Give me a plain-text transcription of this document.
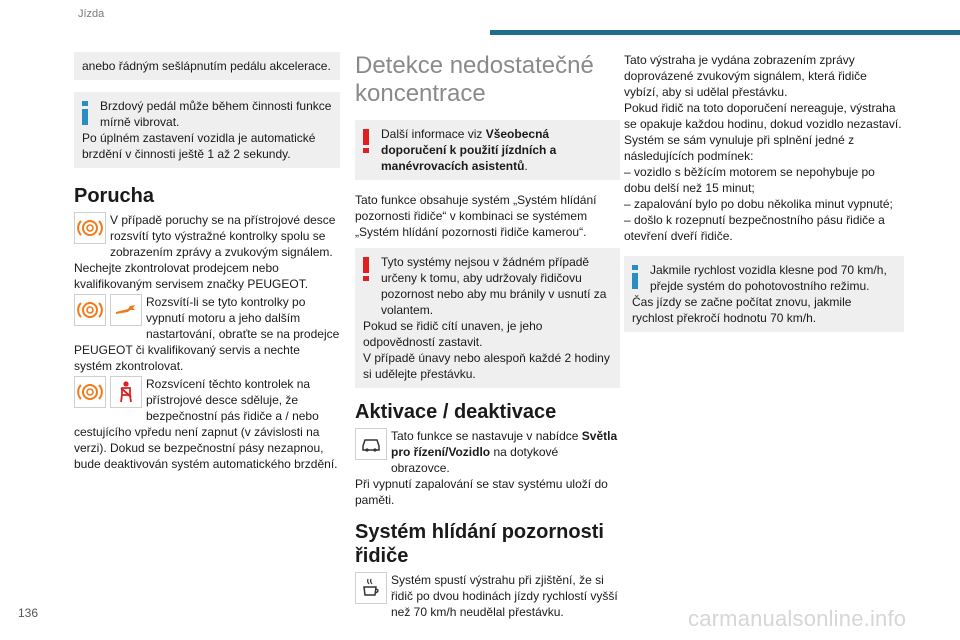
Jízda

anebo řádným sešlápnutím pedálu akcelerace.

Brzdový pedál může během činnosti funkce mírně vibrovat.

Po úplném zastavení vozidla je automatické brzdění v činnosti ještě 1 až 2 sekundy.

Porucha

V případě poruchy se na přístrojové desce rozsvítí tyto výstražné kontrolky spolu se zobrazením zprávy a zvukovým signálem.

Nechejte zkontrolovat prodejcem nebo kvalifikovaným servisem značky PEUGEOT.

Rozsvítí-li se tyto kontrolky po vypnutí motoru a jeho dalším nastartování, obraťte se na prodejce PEUGEOT či kvalifikovaný servis a nechte systém zkontrolovat.

Rozsvícení těchto kontrolek na přístrojové desce sděluje, že bezpečnostní pás řidiče a / nebo cestujícího vpředu není zapnut (v závislosti na verzi). Dokud se bezpečnostní pásy nezapnou, bude deaktivován systém automatického brzdění.

Detekce nedostatečné koncentrace

Další informace viz Všeobecná doporučení k použití jízdních a manévrovacích asistentů.

Tato funkce obsahuje systém „Systém hlídání pozornosti řidiče“ v kombinaci se systémem „Systém hlídání pozornosti řidiče kamerou“.

Tyto systémy nejsou v žádném případě určeny k tomu, aby udržovaly řidičovu pozornost nebo aby mu bránily v usnutí za volantem.

Pokud se řidič cítí unaven, je jeho odpovědností zastavit.

V případě únavy nebo alespoň každé 2 hodiny si udělejte přestávku.

Aktivace / deaktivace

Tato funkce se nastavuje v nabídce Světla pro řízení/Vozidlo na dotykové obrazovce.

Při vypnutí zapalování se stav systému uloží do paměti.

Systém hlídání pozornosti řidiče

Systém spustí výstrahu při zjištění, že si řidič po dvou hodinách jízdy rychlostí vyšší než 70 km/h neudělal přestávku.

Tato výstraha je vydána zobrazením zprávy doprovázené zvukovým signálem, která řidiče vybízí, aby si udělal přestávku.

Pokud řidič na toto doporučení nereaguje, výstraha se opakuje každou hodinu, dokud vozidlo nezastaví.

Systém se sám vynuluje při splnění jedné z následujících podmínek:

– vozidlo s běžícím motorem se nepohybuje po dobu delší než 15 minut;

– zapalování bylo po dobu několika minut vypnuté;

– došlo k rozepnutí bezpečnostního pásu řidiče a otevření dveří řidiče.

Jakmile rychlost vozidla klesne pod 70 km/h, přejde systém do pohotovostního režimu.

Čas jízdy se začne počítat znovu, jakmile rychlost překročí hodnotu 70 km/h.

136	carmanualsonline.info
